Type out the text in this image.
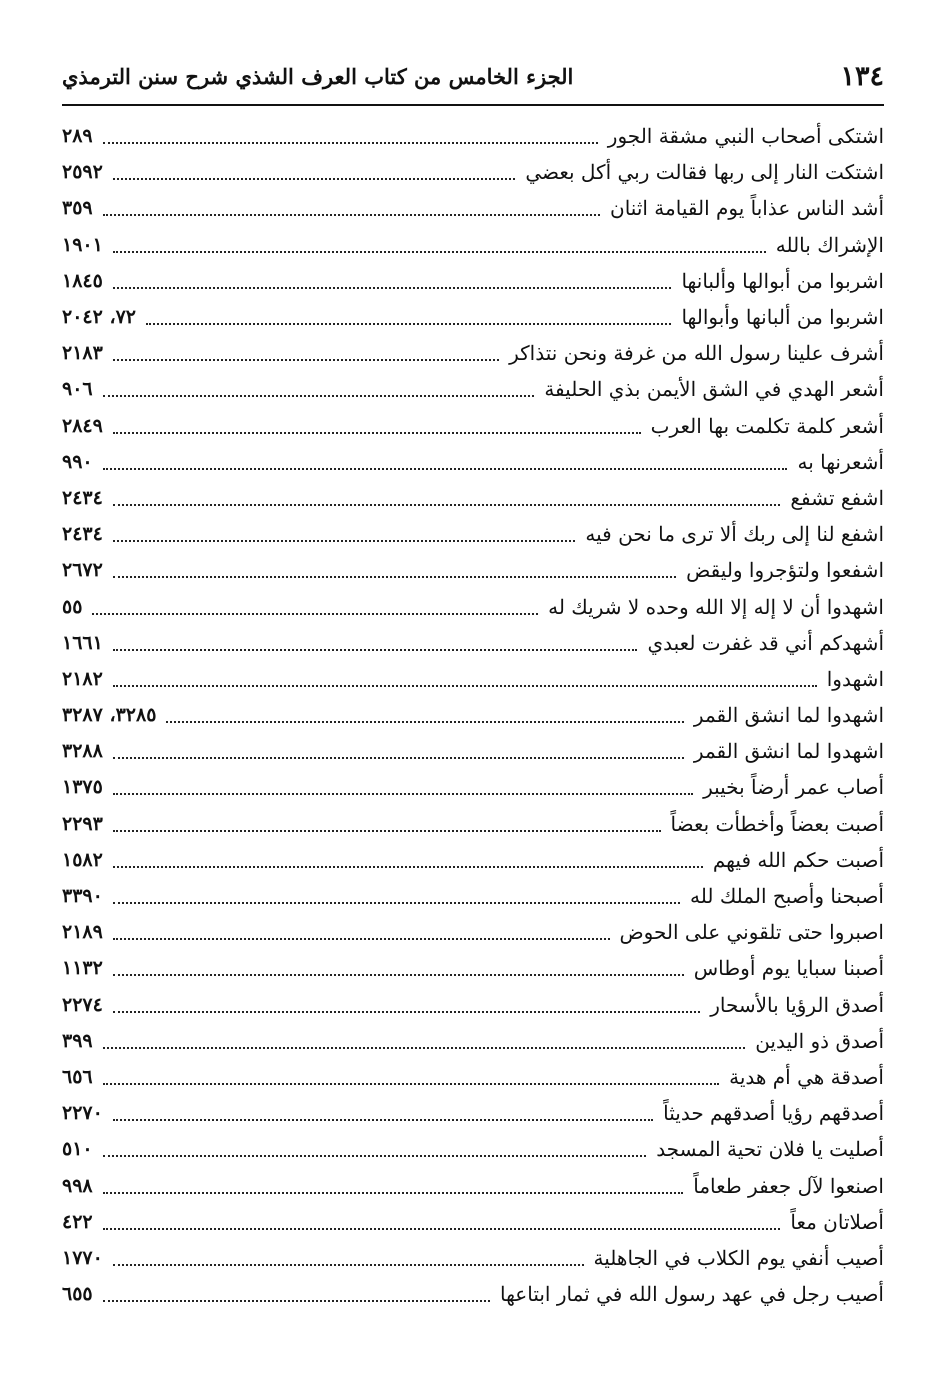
١٣٤
الجزء الخامس من كتاب العرف الشذي شرح سنن الترمذي
اشتكى أصحاب النبي مشقة الجور
٢٨٩
اشتكت النار إلى ربها فقالت ربي أكل بعضي
٢٥٩٢
أشد الناس عذاباً يوم القيامة اثنان
٣٥٩
الإشراك بالله
١٩٠١
اشربوا من أبوالها وألبانها
١٨٤٥
اشربوا من ألبانها وأبوالها
٧٢، ٢٠٤٢
أشرف علينا رسول الله من غرفة ونحن نتذاكر
٢١٨٣
أشعر الهدي في الشق الأيمن بذي الحليفة
٩٠٦
أشعر كلمة تكلمت بها العرب
٢٨٤٩
أشعرنها به
٩٩٠
اشفع تشفع
٢٤٣٤
اشفع لنا إلى ربك ألا ترى ما نحن فيه
٢٤٣٤
اشفعوا ولتؤجروا وليقض
٢٦٧٢
اشهدوا أن لا إله إلا الله وحده لا شريك له
٥٥
أشهدكم أني قد غفرت لعبدي
١٦٦١
اشهدوا
٢١٨٢
اشهدوا لما انشق القمر
٣٢٨٥، ٣٢٨٧
اشهدوا لما انشق القمر
٣٢٨٨
أصاب عمر أرضاً بخيبر
١٣٧٥
أصبت بعضاً وأخطأت بعضاً
٢٢٩٣
أصبت حكم الله فيهم
١٥٨٢
أصبحنا وأصبح الملك لله
٣٣٩٠
اصبروا حتى تلقوني على الحوض
٢١٨٩
أصبنا سبايا يوم أوطاس
١١٣٢
أصدق الرؤيا بالأسحار
٢٢٧٤
أصدق ذو اليدين
٣٩٩
أصدقة هي أم هدية
٦٥٦
أصدقهم رؤيا أصدقهم حديثاً
٢٢٧٠
أصليت يا فلان تحية المسجد
٥١٠
اصنعوا لآل جعفر طعاماً
٩٩٨
أصلاتان معاً
٤٢٢
أصيب أنفي يوم الكلاب في الجاهلية
١٧٧٠
أصيب رجل في عهد رسول الله في ثمار ابتاعها
٦٥٥
